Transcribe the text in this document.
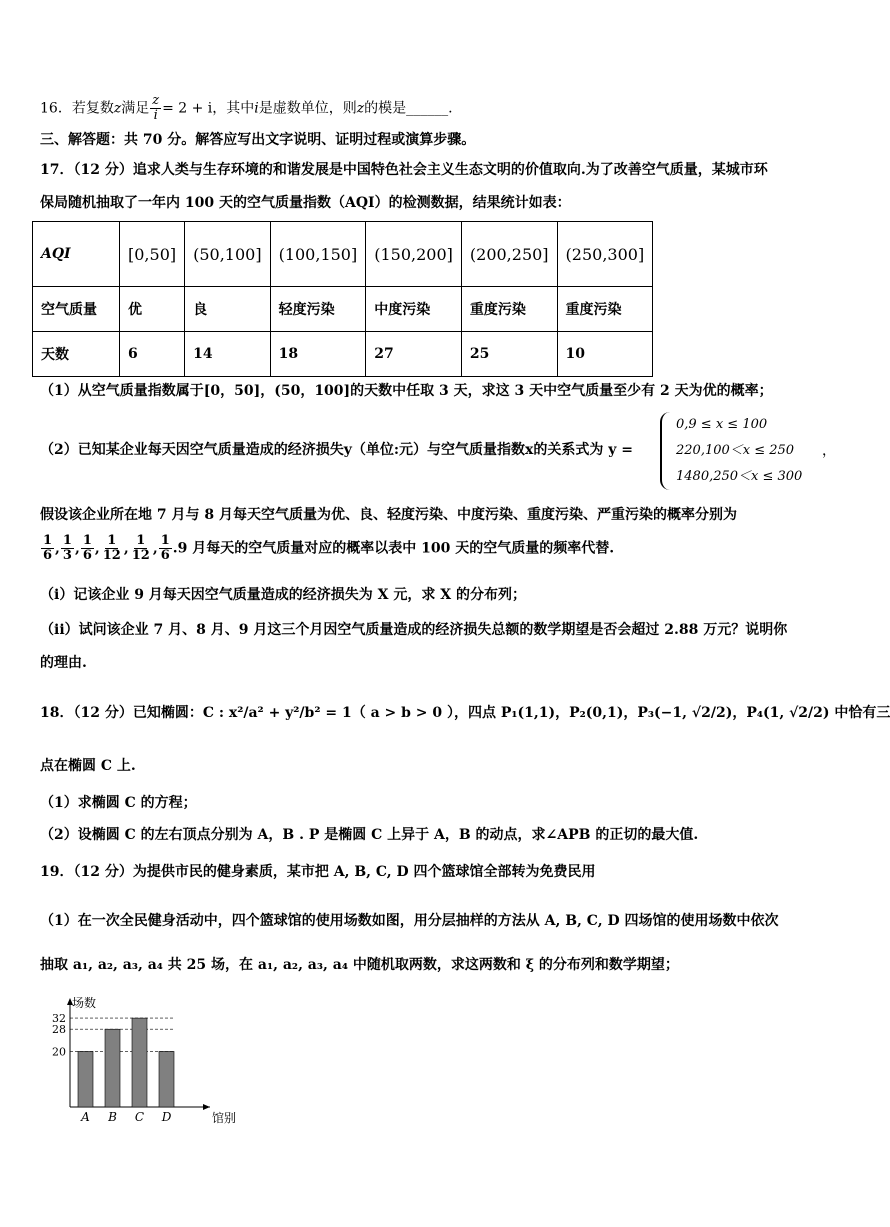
16．若复数z满足 $\frac{z}{i} = 2 + i$，其中i是虚数单位，则z的模是______.
三、解答题：共 70 分。解答应写出文字说明、证明过程或演算步骤。
17．（12 分）追求人类与生存环境的和谐发展是中国特色社会主义生态文明的价值取向.为了改善空气质量，某城市环
保局随机抽取了一年内 100 天的空气质量指数（AQI）的检测数据，结果统计如表：
AQI	[0,50]	(50,100]	(100,150]	(150,200]	(200,250]	(250,300]
空气质量	优	良	轻度污染	中度污染	重度污染	重度污染
天数	6	14	18	27	25	10
（1）从空气质量指数属于[0，50]，(50，100]的天数中任取 3 天，求这 3 天中空气质量至少有 2 天为优的概率；
（2）已知某企业每天因空气质量造成的经济损失y（单位:元）与空气质量指数x的关系式为 y =
0,9 ≤ x ≤ 100
220,100＜x ≤ 250
1480,250＜x ≤ 300
，
假设该企业所在地 7 月与 8 月每天空气质量为优、良、轻度污染、中度污染、重度污染、严重污染的概率分别为
$\frac{1}{6}$ , $\frac{1}{3}$ , $\frac{1}{6}$ , $\frac{1}{12}$ , $\frac{1}{12}$ , $\frac{1}{6} .9$ 月每天的空气质量对应的概率以表中 100 天的空气质量的频率代替.
（i）记该企业 9 月每天因空气质量造成的经济损失为 X 元，求 X 的分布列；
（ii）试问该企业 7 月、8 月、9 月这三个月因空气质量造成的经济损失总额的数学期望是否会超过 2.88 万元？说明你
的理由.
18．（12 分）已知椭圆：C : x²/a² + y²/b² = 1（ a > b > 0 ），四点 P₁(1,1)，P₂(0,1)，P₃(−1, √2/2)，P₄(1, √2/2) 中恰有三
点在椭圆 C 上.
（1）求椭圆 C 的方程；
（2）设椭圆 C 的左右顶点分别为 A，B . P 是椭圆 C 上异于 A，B 的动点，求∠APB 的正切的最大值.
19．（12 分）为提供市民的健身素质，某市把 A, B, C, D 四个篮球馆全部转为免费民用
（1）在一次全民健身活动中，四个篮球馆的使用场数如图，用分层抽样的方法从 A, B, C, D 四场馆的使用场数中依次
抽取 a₁, a₂, a₃, a₄ 共 25 场，在 a₁, a₂, a₃, a₄ 中随机取两数，求这两数和 ξ 的分布列和数学期望；
场数
馆别
20
28
32
A B C D
